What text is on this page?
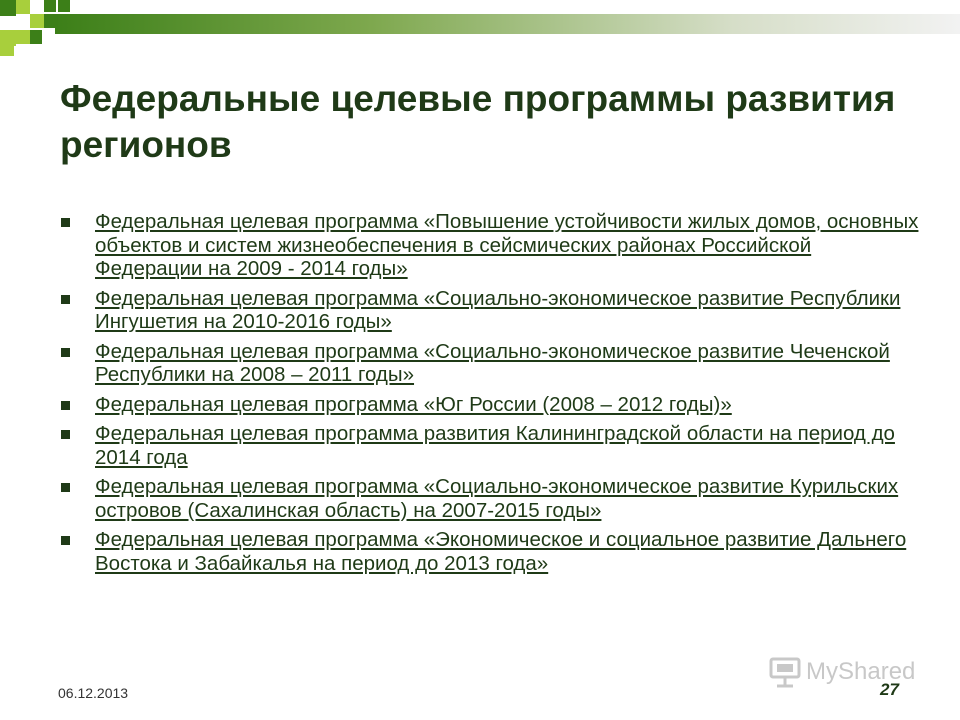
Федеральные целевые программы развития регионов
Федеральная целевая программа «Повышение устойчивости жилых домов, основных объектов и систем жизнеобеспечения в сейсмических районах Российской Федерации на 2009 - 2014 годы»
Федеральная целевая программа «Социально-экономическое развитие Республики Ингушетия на 2010-2016 годы»
Федеральная целевая программа «Социально-экономическое развитие Чеченской Республики на 2008 – 2011 годы»
Федеральная целевая программа «Юг России (2008 – 2012 годы)»
Федеральная целевая программа развития Калининградской области на период до 2014 года
Федеральная целевая программа «Социально-экономическое развитие Курильских островов (Сахалинская область) на 2007-2015 годы»
Федеральная целевая программа «Экономическое и социальное развитие Дальнего Востока и Забайкалья на период до 2013 года»
06.12.2013
MyShared
27
